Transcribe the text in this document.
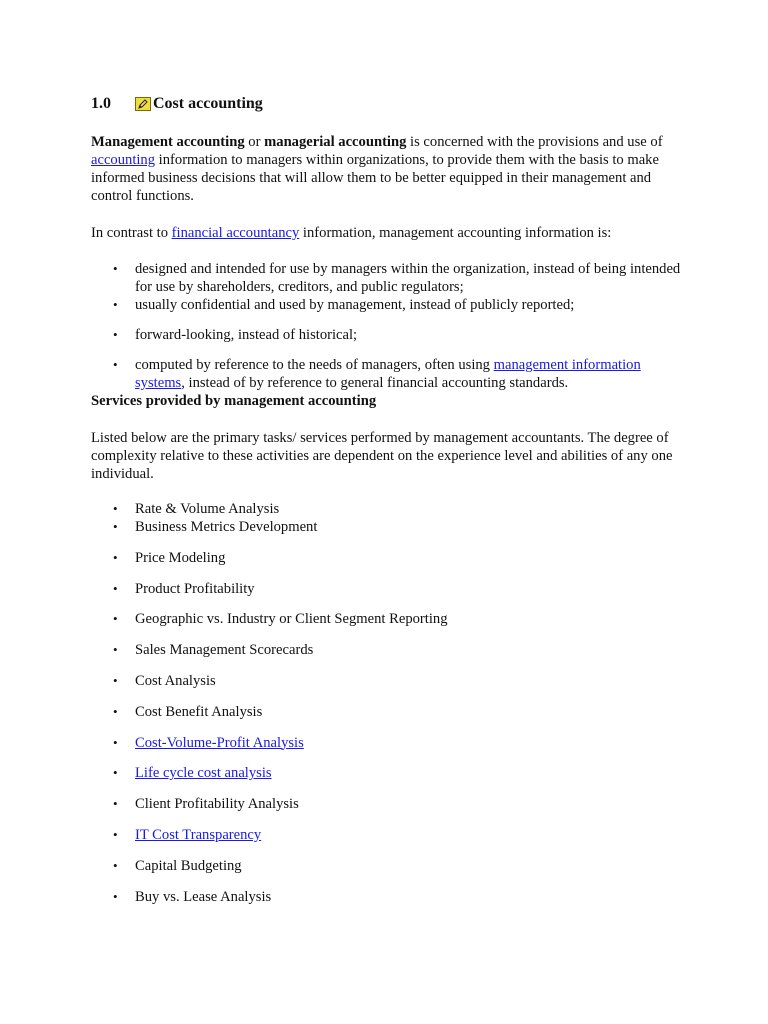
1.0	Cost accounting

Management accounting or managerial accounting is concerned with the provisions and use of accounting information to managers within organizations, to provide them with the basis to make informed business decisions that will allow them to be better equipped in their management and control functions.

In contrast to financial accountancy information, management accounting information is:

• designed and intended for use by managers within the organization, instead of being intended for use by shareholders, creditors, and public regulators;
• usually confidential and used by management, instead of publicly reported;
• forward-looking, instead of historical;
• computed by reference to the needs of managers, often using management information systems, instead of by reference to general financial accounting standards.

Services provided by management accounting

Listed below are the primary tasks/ services performed by management accountants. The degree of complexity relative to these activities are dependent on the experience level and abilities of any one individual.

• Rate & Volume Analysis
• Business Metrics Development
• Price Modeling
• Product Profitability
• Geographic vs. Industry or Client Segment Reporting
• Sales Management Scorecards
• Cost Analysis
• Cost Benefit Analysis
• Cost-Volume-Profit Analysis
• Life cycle cost analysis
• Client Profitability Analysis
• IT Cost Transparency
• Capital Budgeting
• Buy vs. Lease Analysis
